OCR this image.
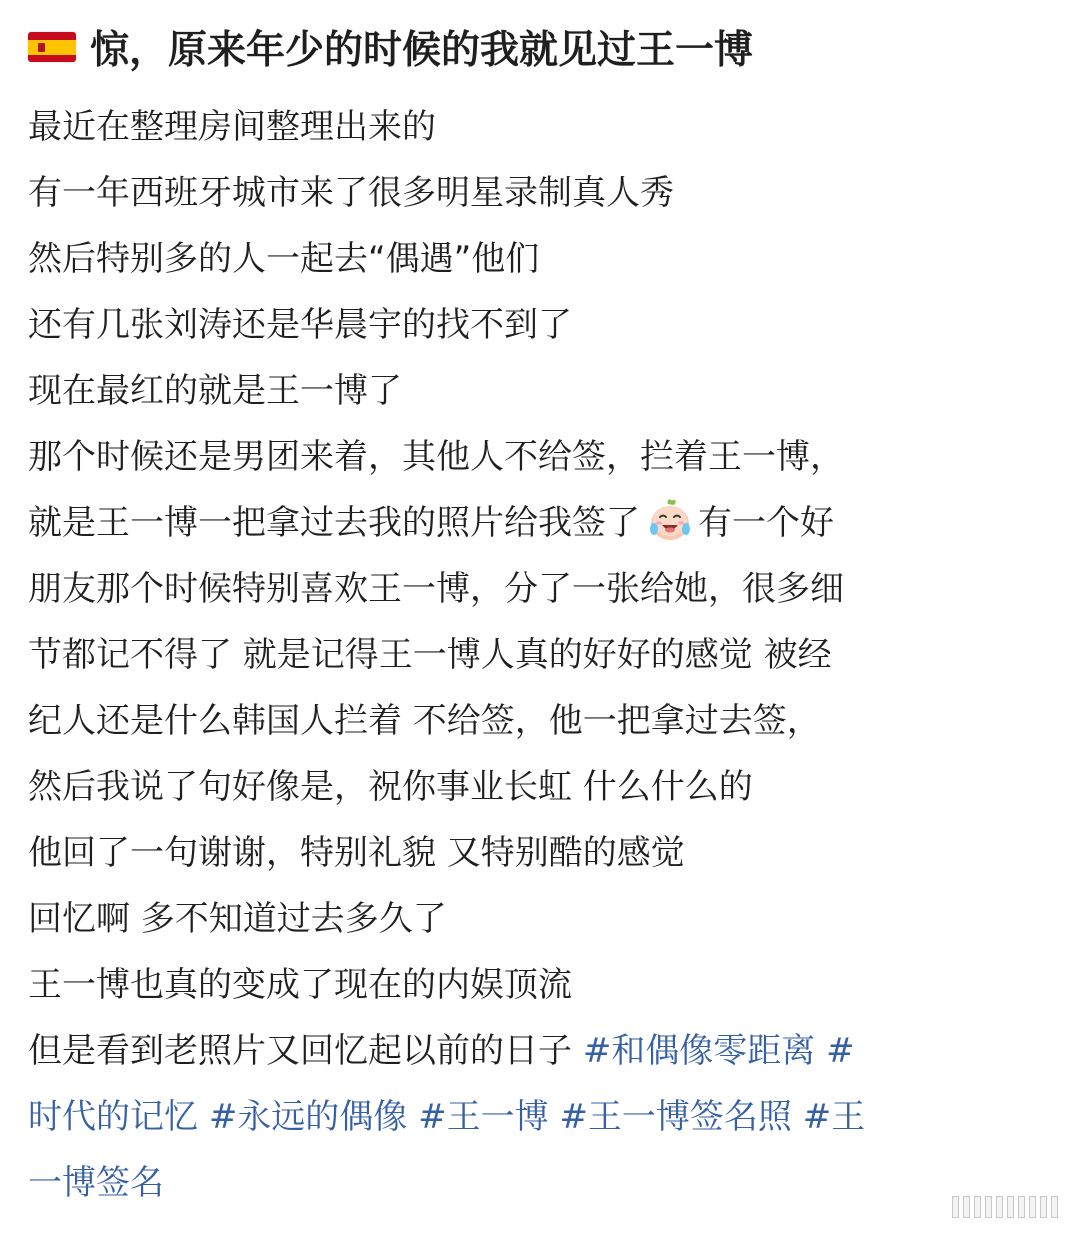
惊，原来年少的时候的我就见过王一博
最近在整理房间整理出来的
有一年西班牙城市来了很多明星录制真人秀
然后特别多的人一起去“偶遇”他们
还有几张刘涛还是华晨宇的找不到了
现在最红的就是王一博了
那个时候还是男团来着，其他人不给签，拦着王一博，
就是王一博一把拿过去我的照片给我签了 有一个好
朋友那个时候特别喜欢王一博，分了一张给她，很多细
节都记不得了 就是记得王一博人真的好好的感觉 被经
纪人还是什么韩国人拦着 不给签，他一把拿过去签，
然后我说了句好像是，祝你事业长虹 什么什么的
他回了一句谢谢，特别礼貌 又特别酷的感觉
回忆啊 多不知道过去多久了
王一博也真的变成了现在的内娱顶流
但是看到老照片又回忆起以前的日子 #和偶像零距离 #
时代的记忆 #永远的偶像 #王一博 #王一博签名照 #王
一博签名
